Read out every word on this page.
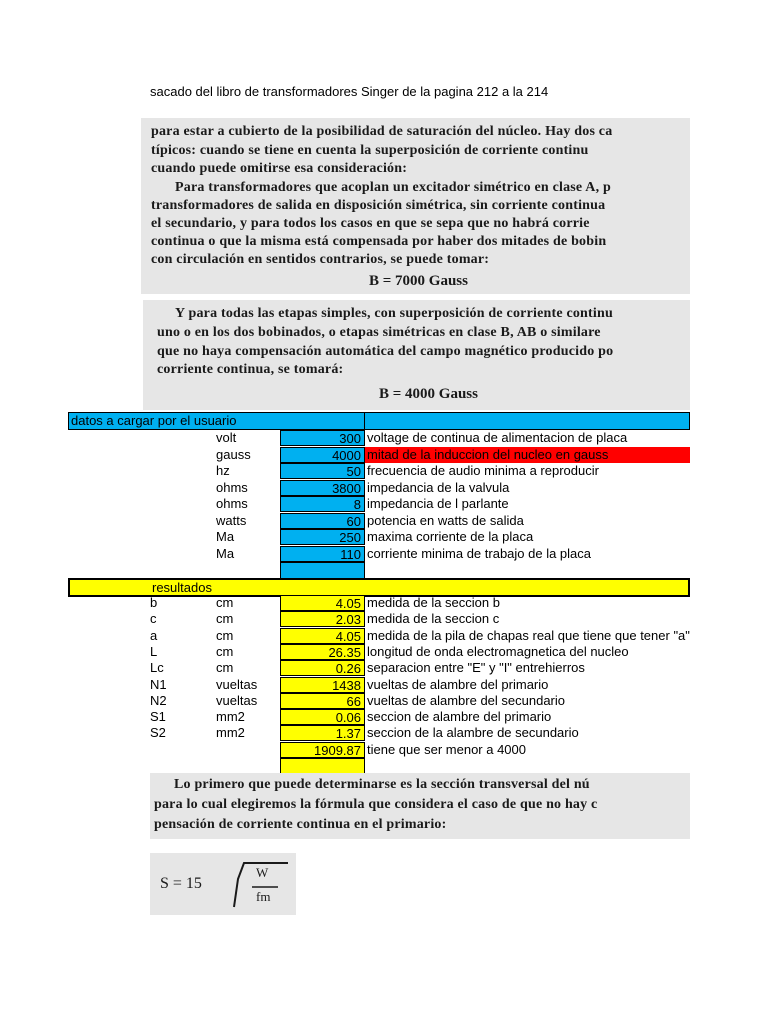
sacado del libro de transformadores Singer de la pagina 212 a la 214
para estar a cubierto de la posibilidad de saturación del núcleo. Hay dos ca
típicos: cuando se tiene en cuenta la superposición de corriente continu
cuando puede omitirse esa consideración:
Para transformadores que acoplan un excitador simétrico en clase A, p
transformadores de salida en disposición simétrica, sin corriente continua
el secundario, y para todos los casos en que se sepa que no habrá corrie
continua o que la misma está compensada por haber dos mitades de bobin
con circulación en sentidos contrarios, se puede tomar:
B = 7000 Gauss
Y para todas las etapas simples, con superposición de corriente continu
uno o en los dos bobinados, o etapas simétricas en clase B, AB o similare
que no haya compensación automática del campo magnético producido po
corriente continua, se tomará:
B = 4000 Gauss
datos a cargar por el usuario
volt	300 voltage de continua de alimentacion de placa
gauss	4000 mitad de la induccion del nucleo en gauss
hz	50 frecuencia de audio minima a reproducir
ohms	3800 impedancia de la valvula
ohms	8 impedancia de l parlante
watts	60 potencia en watts de salida
Ma	250 maxima corriente de la placa
Ma	110 corriente minima de trabajo de la placa
resultados
b	cm	4.05 medida de la seccion b
c	cm	2.03 medida de la seccion c
a	cm	4.05 medida de la pila de chapas real que tiene que tener "a"
L	cm	26.35 longitud de onda electromagnetica del nucleo
Lc	cm	0.26 separacion entre "E" y "I" entrehierros
N1	vueltas	1438 vueltas de alambre del primario
N2	vueltas	66 vueltas de alambre del secundario
S1	mm2	0.06 seccion de alambre del primario
S2	mm2	1.37 seccion de la alambre de secundario
1909.87 tiene que ser menor a 4000
Lo primero que puede determinarse es la sección transversal del nú
para lo cual elegiremos la fórmula que considera el caso de que no hay c
pensación de corriente continua en el primario:
S = 15
W
fm
